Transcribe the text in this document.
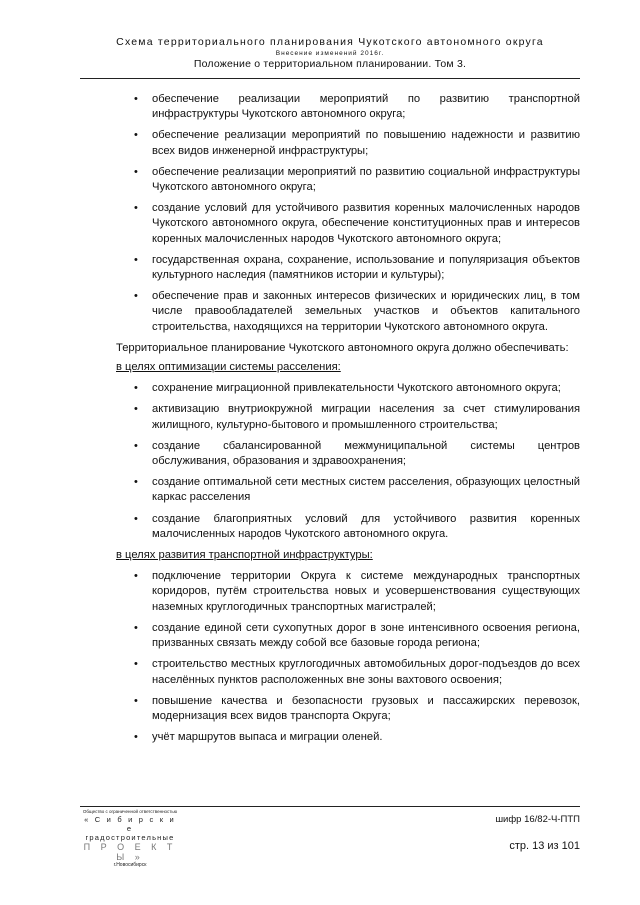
Схема территориального планирования Чукотского автономного округа
Внесение изменений 2016г.
Положение о территориальном планировании. Том 3.
• обеспечение реализации мероприятий по развитию транспортной инфраструктуры Чукотского автономного округа;
• обеспечение реализации мероприятий по повышению надежности и развитию всех видов инженерной инфраструктуры;
• обеспечение реализации мероприятий по развитию социальной инфраструктуры Чукотского автономного округа;
• создание условий для устойчивого развития коренных малочисленных народов Чукотского автономного округа, обеспечение конституционных прав и интересов коренных малочисленных народов Чукотского автономного округа;
• государственная охрана, сохранение, использование и популяризация объектов культурного наследия (памятников истории и культуры);
• обеспечение прав и законных интересов физических и юридических лиц, в том числе правообладателей земельных участков и объектов капитального строительства, находящихся на территории Чукотского автономного округа.

Территориальное планирование Чукотского автономного округа должно обеспечивать:

в целях оптимизации системы расселения:
• сохранение миграционной привлекательности Чукотского автономного округа;
• активизацию внутриокружной миграции населения за счет стимулирования жилищного, культурно-бытового и промышленного строительства;
• создание сбалансированной межмуниципальной системы центров обслуживания, образования и здравоохранения;
• создание оптимальной сети местных систем расселения, образующих целостный каркас расселения
• создание благоприятных условий для устойчивого развития коренных малочисленных народов Чукотского автономного округа.
в целях развития транспортной инфраструктуры:
• подключение территории Округа к системе международных транспортных коридоров, путём строительства новых и усовершенствования существующих наземных круглогодичных транспортных магистралей;
• создание единой сети сухопутных дорог в зоне интенсивного освоения региона, призванных связать между собой все базовые города региона;
• строительство местных круглогодичных автомобильных дорог-подъездов до всех населённых пунктов расположенных вне зоны вахтового освоения;
• повышение качества и безопасности грузовых и пассажирских перевозок, модернизация всех видов транспорта Округа;
• учёт маршрутов выпаса и миграции оленей.
Общество с ограниченной ответственностью
« С и б и р с к и е
градостроительные
П Р О Е К Т Ы »
г.Новосибирск
шифр 16/82-Ч-ПТП
стр. 13 из 101
